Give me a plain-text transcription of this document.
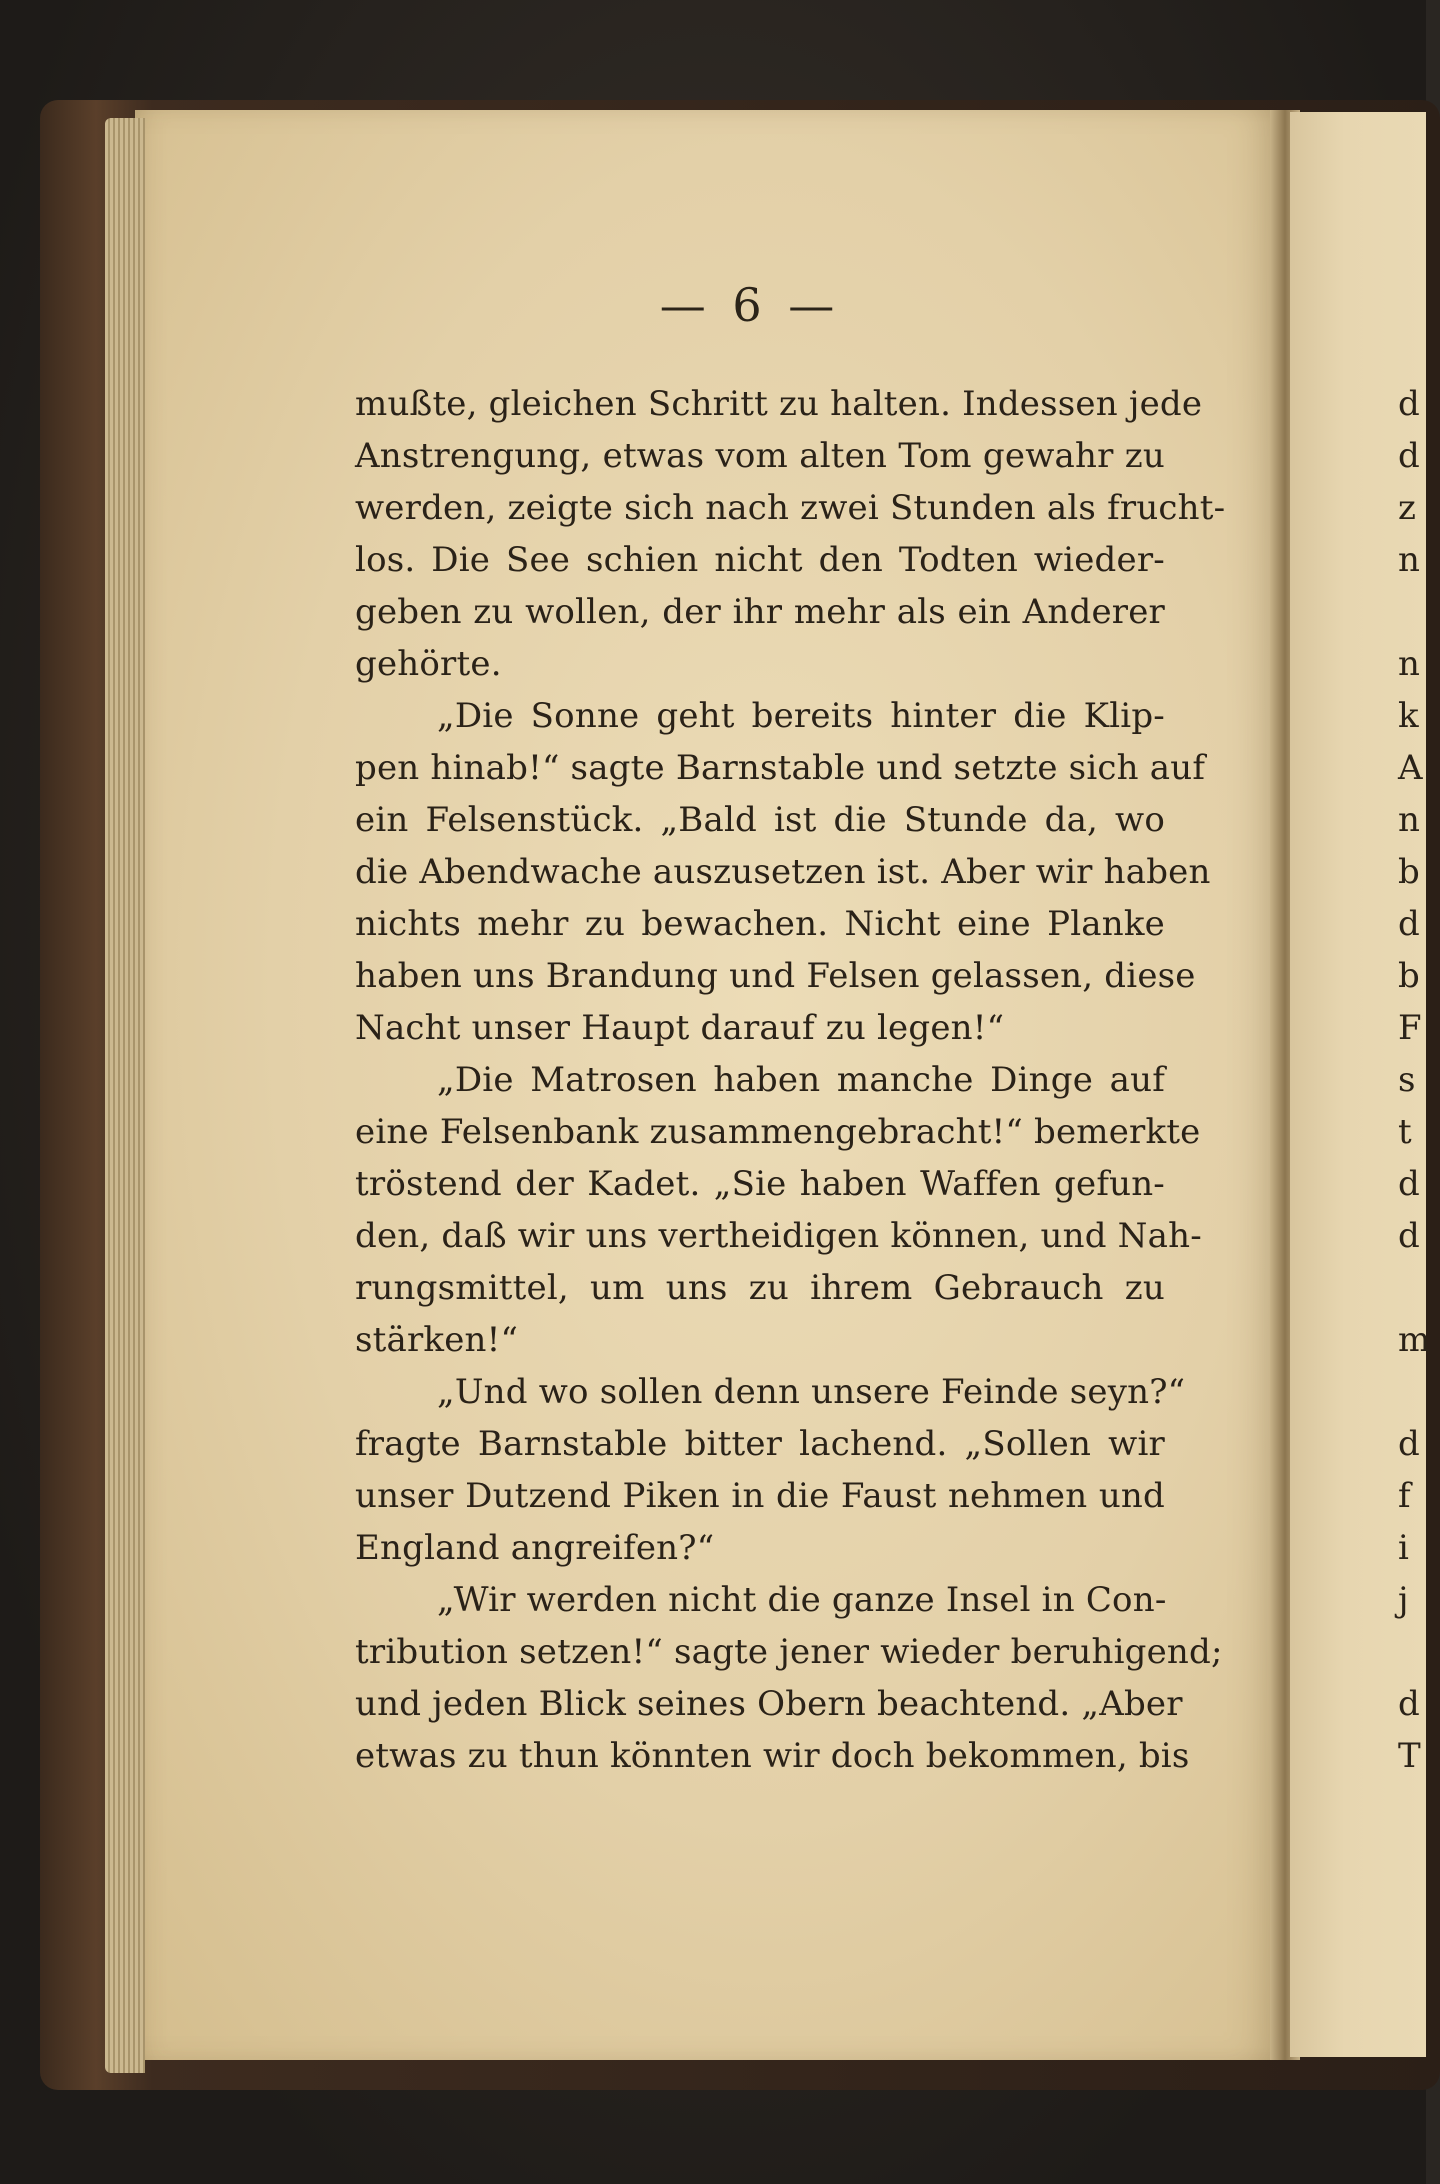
— 6 —
mußte, gleichen Schritt zu halten. Indessen jede
Anstrengung, etwas vom alten Tom gewahr zu
werden, zeigte sich nach zwei Stunden als frucht-
los. Die See schien nicht den Todten wieder-
geben zu wollen, der ihr mehr als ein Anderer
gehörte.
„Die Sonne geht bereits hinter die Klip-
pen hinab!“ sagte Barnstable und setzte sich auf
ein Felsenstück. „Bald ist die Stunde da, wo
die Abendwache auszusetzen ist. Aber wir haben
nichts mehr zu bewachen. Nicht eine Planke
haben uns Brandung und Felsen gelassen, diese
Nacht unser Haupt darauf zu legen!“
„Die Matrosen haben manche Dinge auf
eine Felsenbank zusammengebracht!“ bemerkte
tröstend der Kadet. „Sie haben Waffen gefun-
den, daß wir uns vertheidigen können, und Nah-
rungsmittel, um uns zu ihrem Gebrauch zu
stärken!“
„Und wo sollen denn unsere Feinde seyn?“
fragte Barnstable bitter lachend. „Sollen wir
unser Dutzend Piken in die Faust nehmen und
England angreifen?“
„Wir werden nicht die ganze Insel in Con-
tribution setzen!“ sagte jener wieder beruhigend;
und jeden Blick seines Obern beachtend. „Aber
etwas zu thun könnten wir doch bekommen, bis
d
d
z
n
n
k
A
n
b
d
b
F
s
t
d
d
m
d
f
i
j
d
T
